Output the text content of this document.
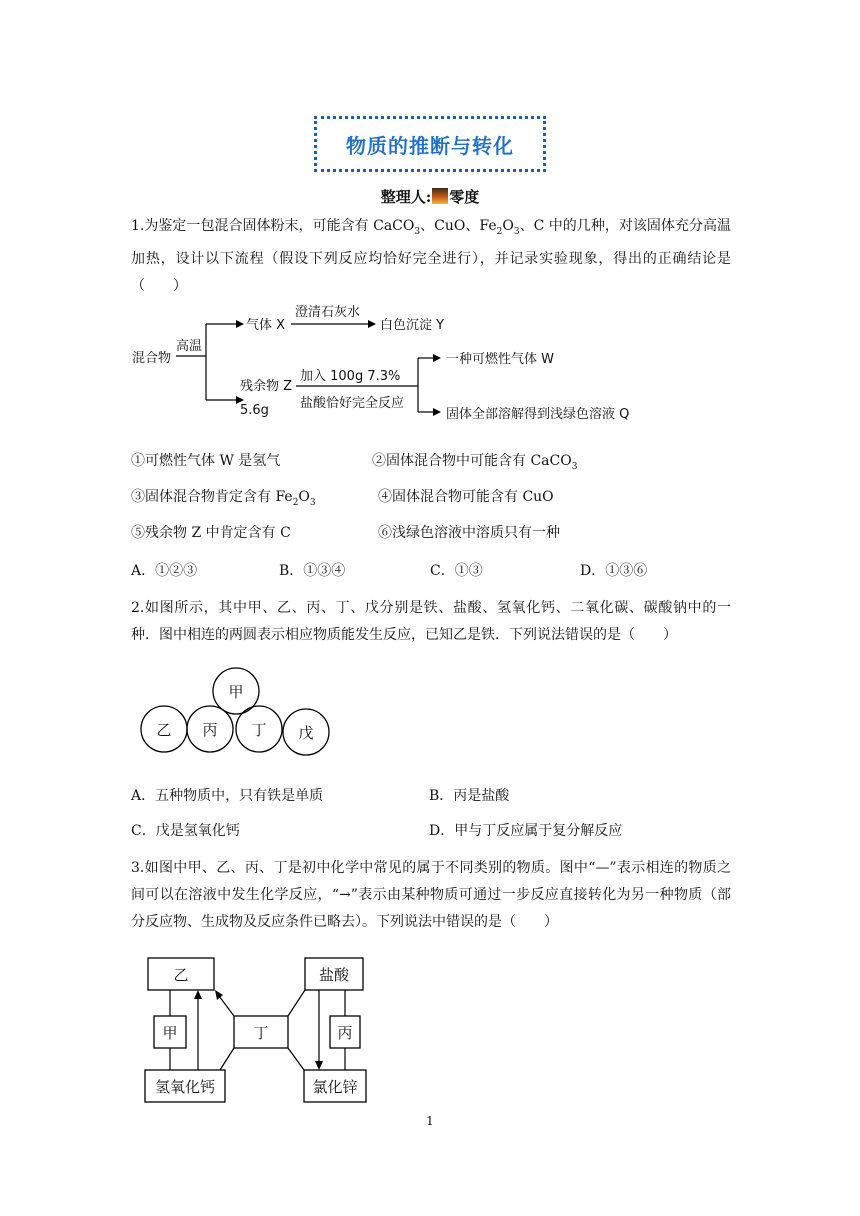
物质的推断与转化
整理人: 零度
1.为鉴定一包混合固体粉末，可能含有 CaCO$_3$、CuO、$Fe_2O_3$、C 中的几种，对该固体充分高温加热，设计以下流程（假设下列反应均恰好完全进行），并记录实验现象，得出的正确结论是（　　）
混合物
高温
气体 X
澄清石灰水
白色沉淀 Y
残余物 Z
5.6g
加入 100g 7.3%
盐酸恰好完全反应
一种可燃性气体 W
固体全部溶解得到浅绿色溶液 Q
①可燃性气体 W 是氢气	②固体混合物中可能含有 CaCO$_3$
③固体混合物肯定含有 $Fe_2O_3$	④固体混合物可能含有 CuO
⑤残余物 Z 中肯定含有 C	⑥浅绿色溶液中溶质只有一种
A．①②③	B．①③④	C．①③	D．①③⑥
2.如图所示，其中甲、乙、丙、丁、戊分别是铁、盐酸、氢氧化钙、二氧化碳、碳酸钠中的一种．图中相连的两圆表示相应物质能发生反应，已知乙是铁．下列说法错误的是（　　）
甲
乙 丙 丁 戊
A．五种物质中，只有铁是单质	B．丙是盐酸
C．戊是氢氧化钙	D．甲与丁反应属于复分解反应
3.如图中甲、乙、丙、丁是初中化学中常见的属于不同类别的物质。图中“—”表示相连的物质之间可以在溶液中发生化学反应，“→”表示由某种物质可通过一步反应直接转化为另一种物质（部分反应物、生成物及反应条件已略去）。下列说法中错误的是（　　）
乙	盐酸
甲	丁	丙
氢氧化钙	氯化锌
1
